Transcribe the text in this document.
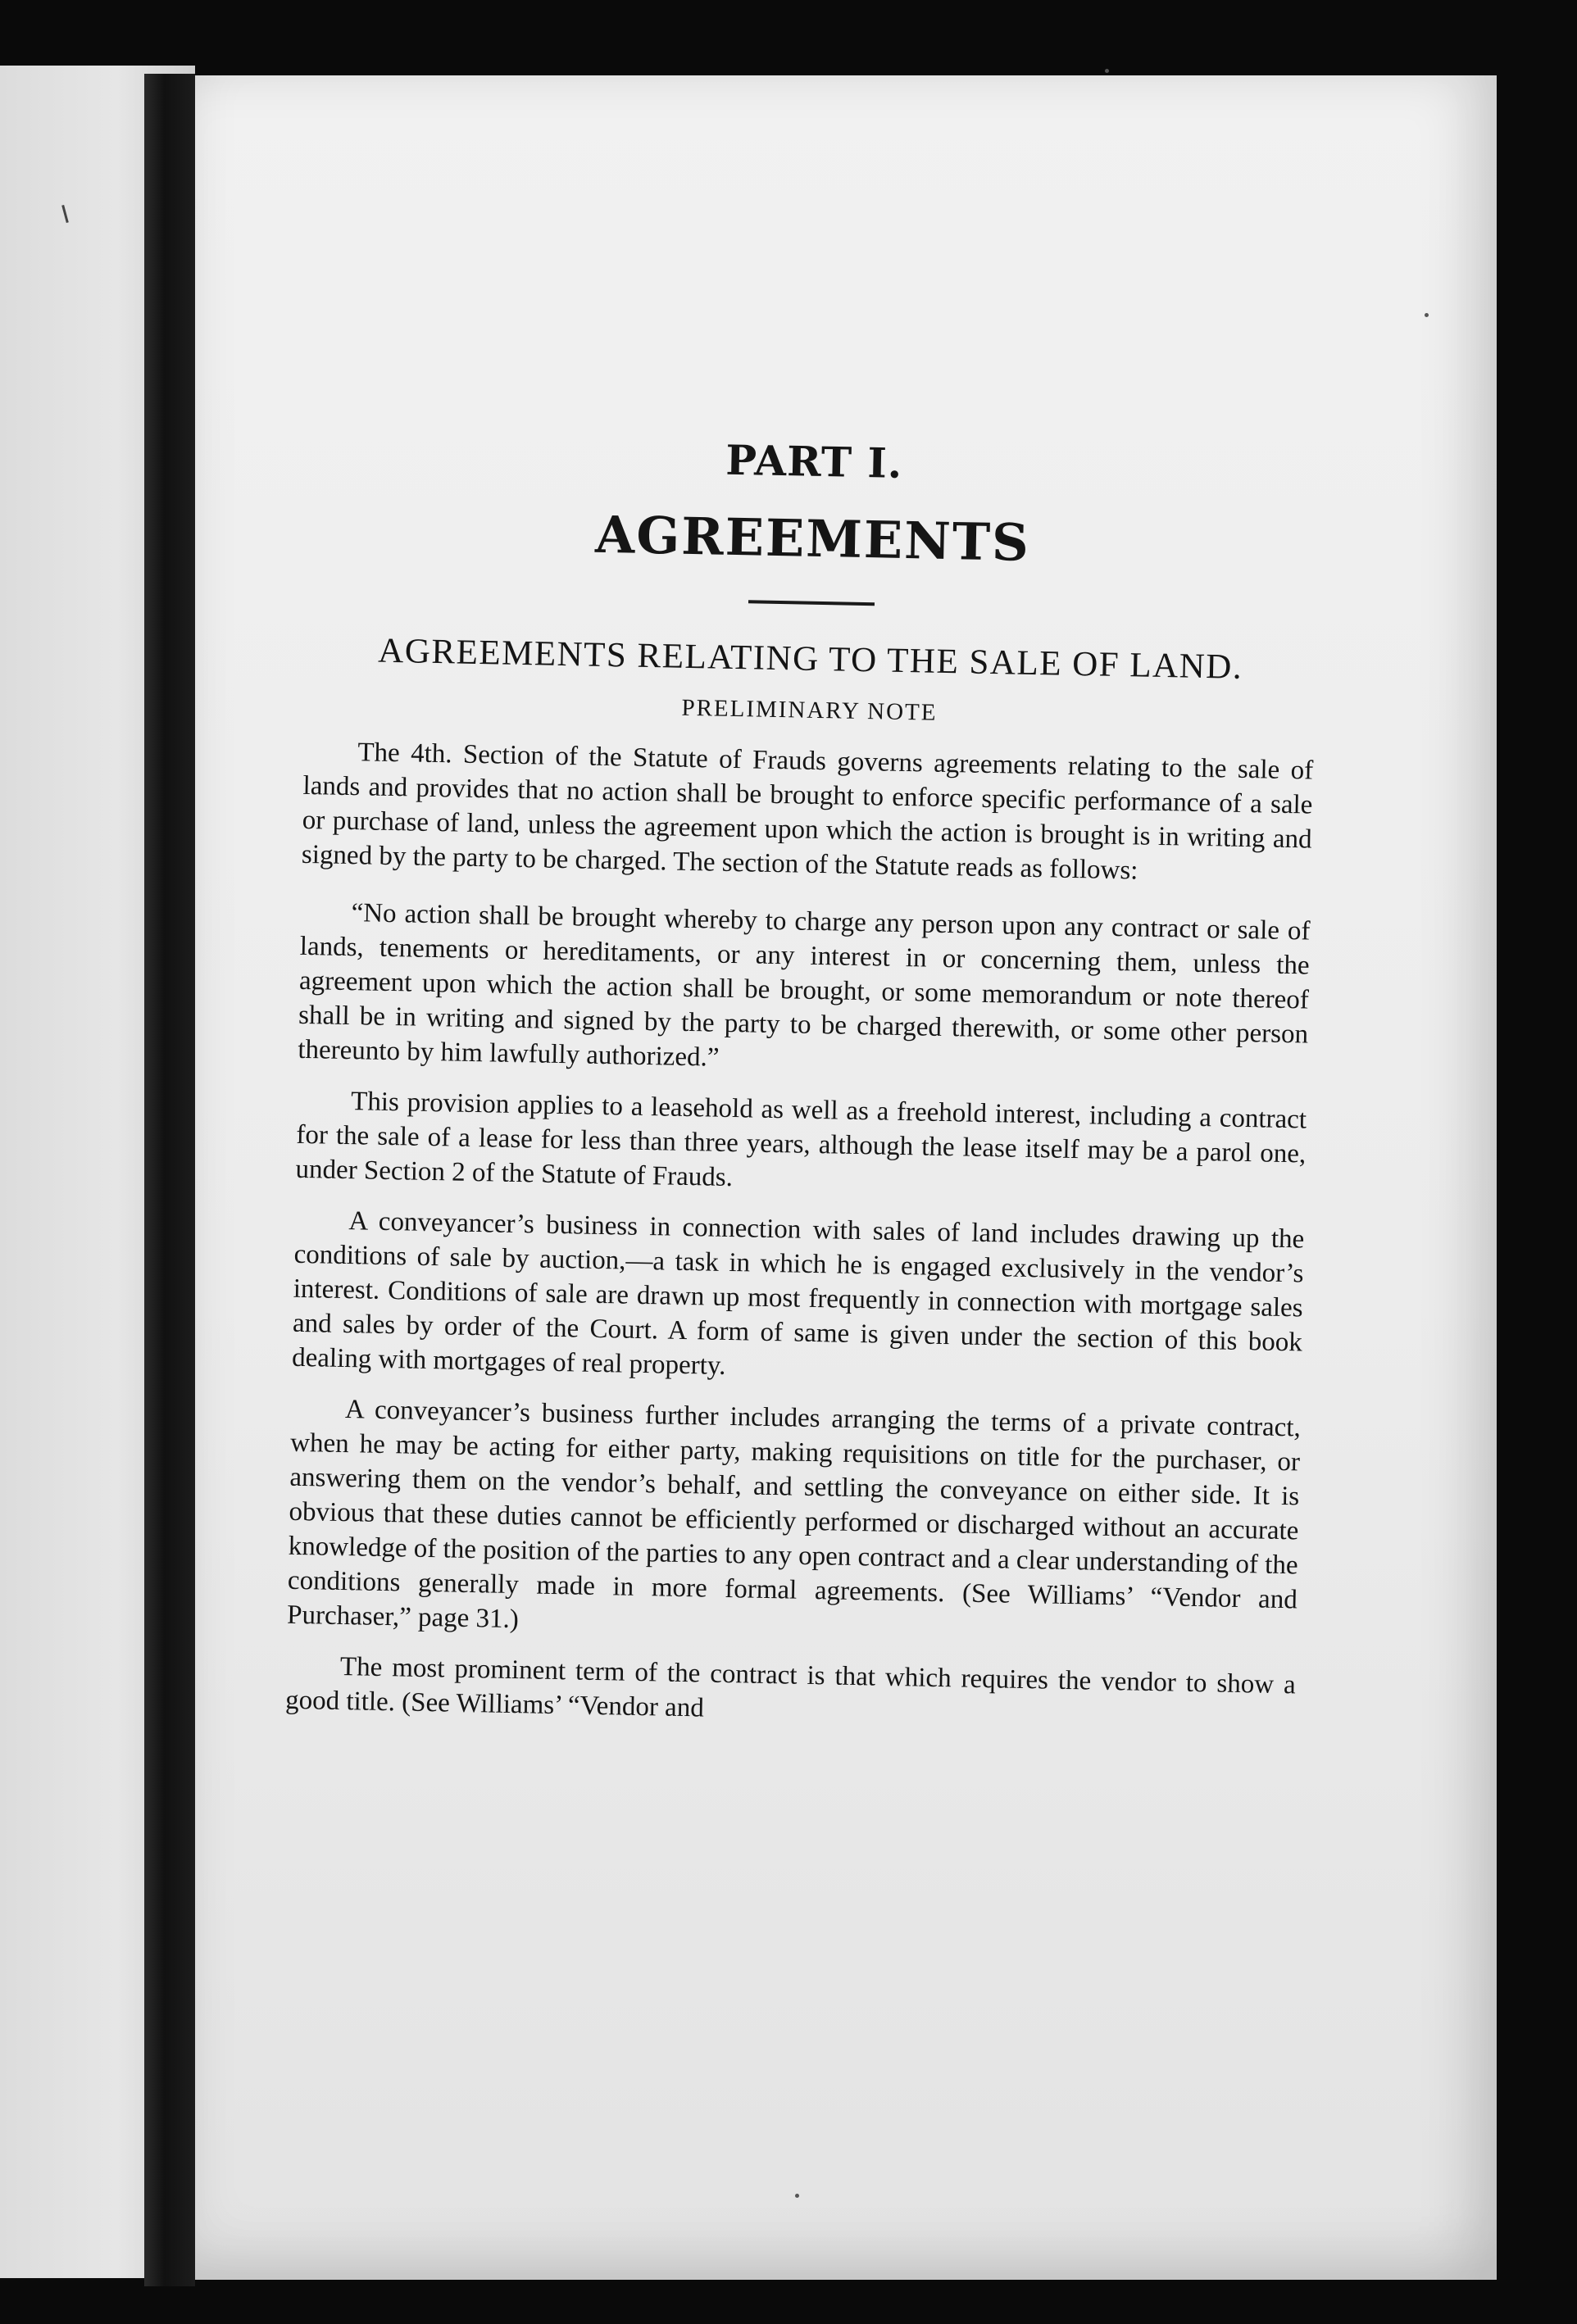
PART I.
AGREEMENTS
AGREEMENTS RELATING TO THE SALE OF LAND.
PRELIMINARY NOTE

The 4th. Section of the Statute of Frauds governs agreements relating to the sale of lands and provides that no action shall be brought to enforce specific performance of a sale or purchase of land, unless the agreement upon which the action is brought is in writing and signed by the party to be charged. The section of the Statute reads as follows:

“No action shall be brought whereby to charge any person upon any contract or sale of lands, tenements or hereditaments, or any interest in or concerning them, unless the agreement upon which the action shall be brought, or some memorandum or note thereof shall be in writing and signed by the party to be charged therewith, or some other person thereunto by him lawfully authorized.”

This provision applies to a leasehold as well as a freehold interest, including a contract for the sale of a lease for less than three years, although the lease itself may be a parol one, under Section 2 of the Statute of Frauds.

A conveyancer’s business in connection with sales of land includes drawing up the conditions of sale by auction,—a task in which he is engaged exclusively in the vendor’s interest. Conditions of sale are drawn up most frequently in connection with mortgage sales and sales by order of the Court. A form of same is given under the section of this book dealing with mortgages of real property.

A conveyancer’s business further includes arranging the terms of a private contract, when he may be acting for either party, making requisitions on title for the purchaser, or answering them on the vendor’s behalf, and settling the conveyance on either side. It is obvious that these duties cannot be efficiently performed or discharged without an accurate knowledge of the position of the parties to any open contract and a clear understanding of the conditions generally made in more formal agreements. (See Williams’ “Vendor and Purchaser,” page 31.)

The most prominent term of the contract is that which requires the vendor to show a good title. (See Williams’ “Vendor and
